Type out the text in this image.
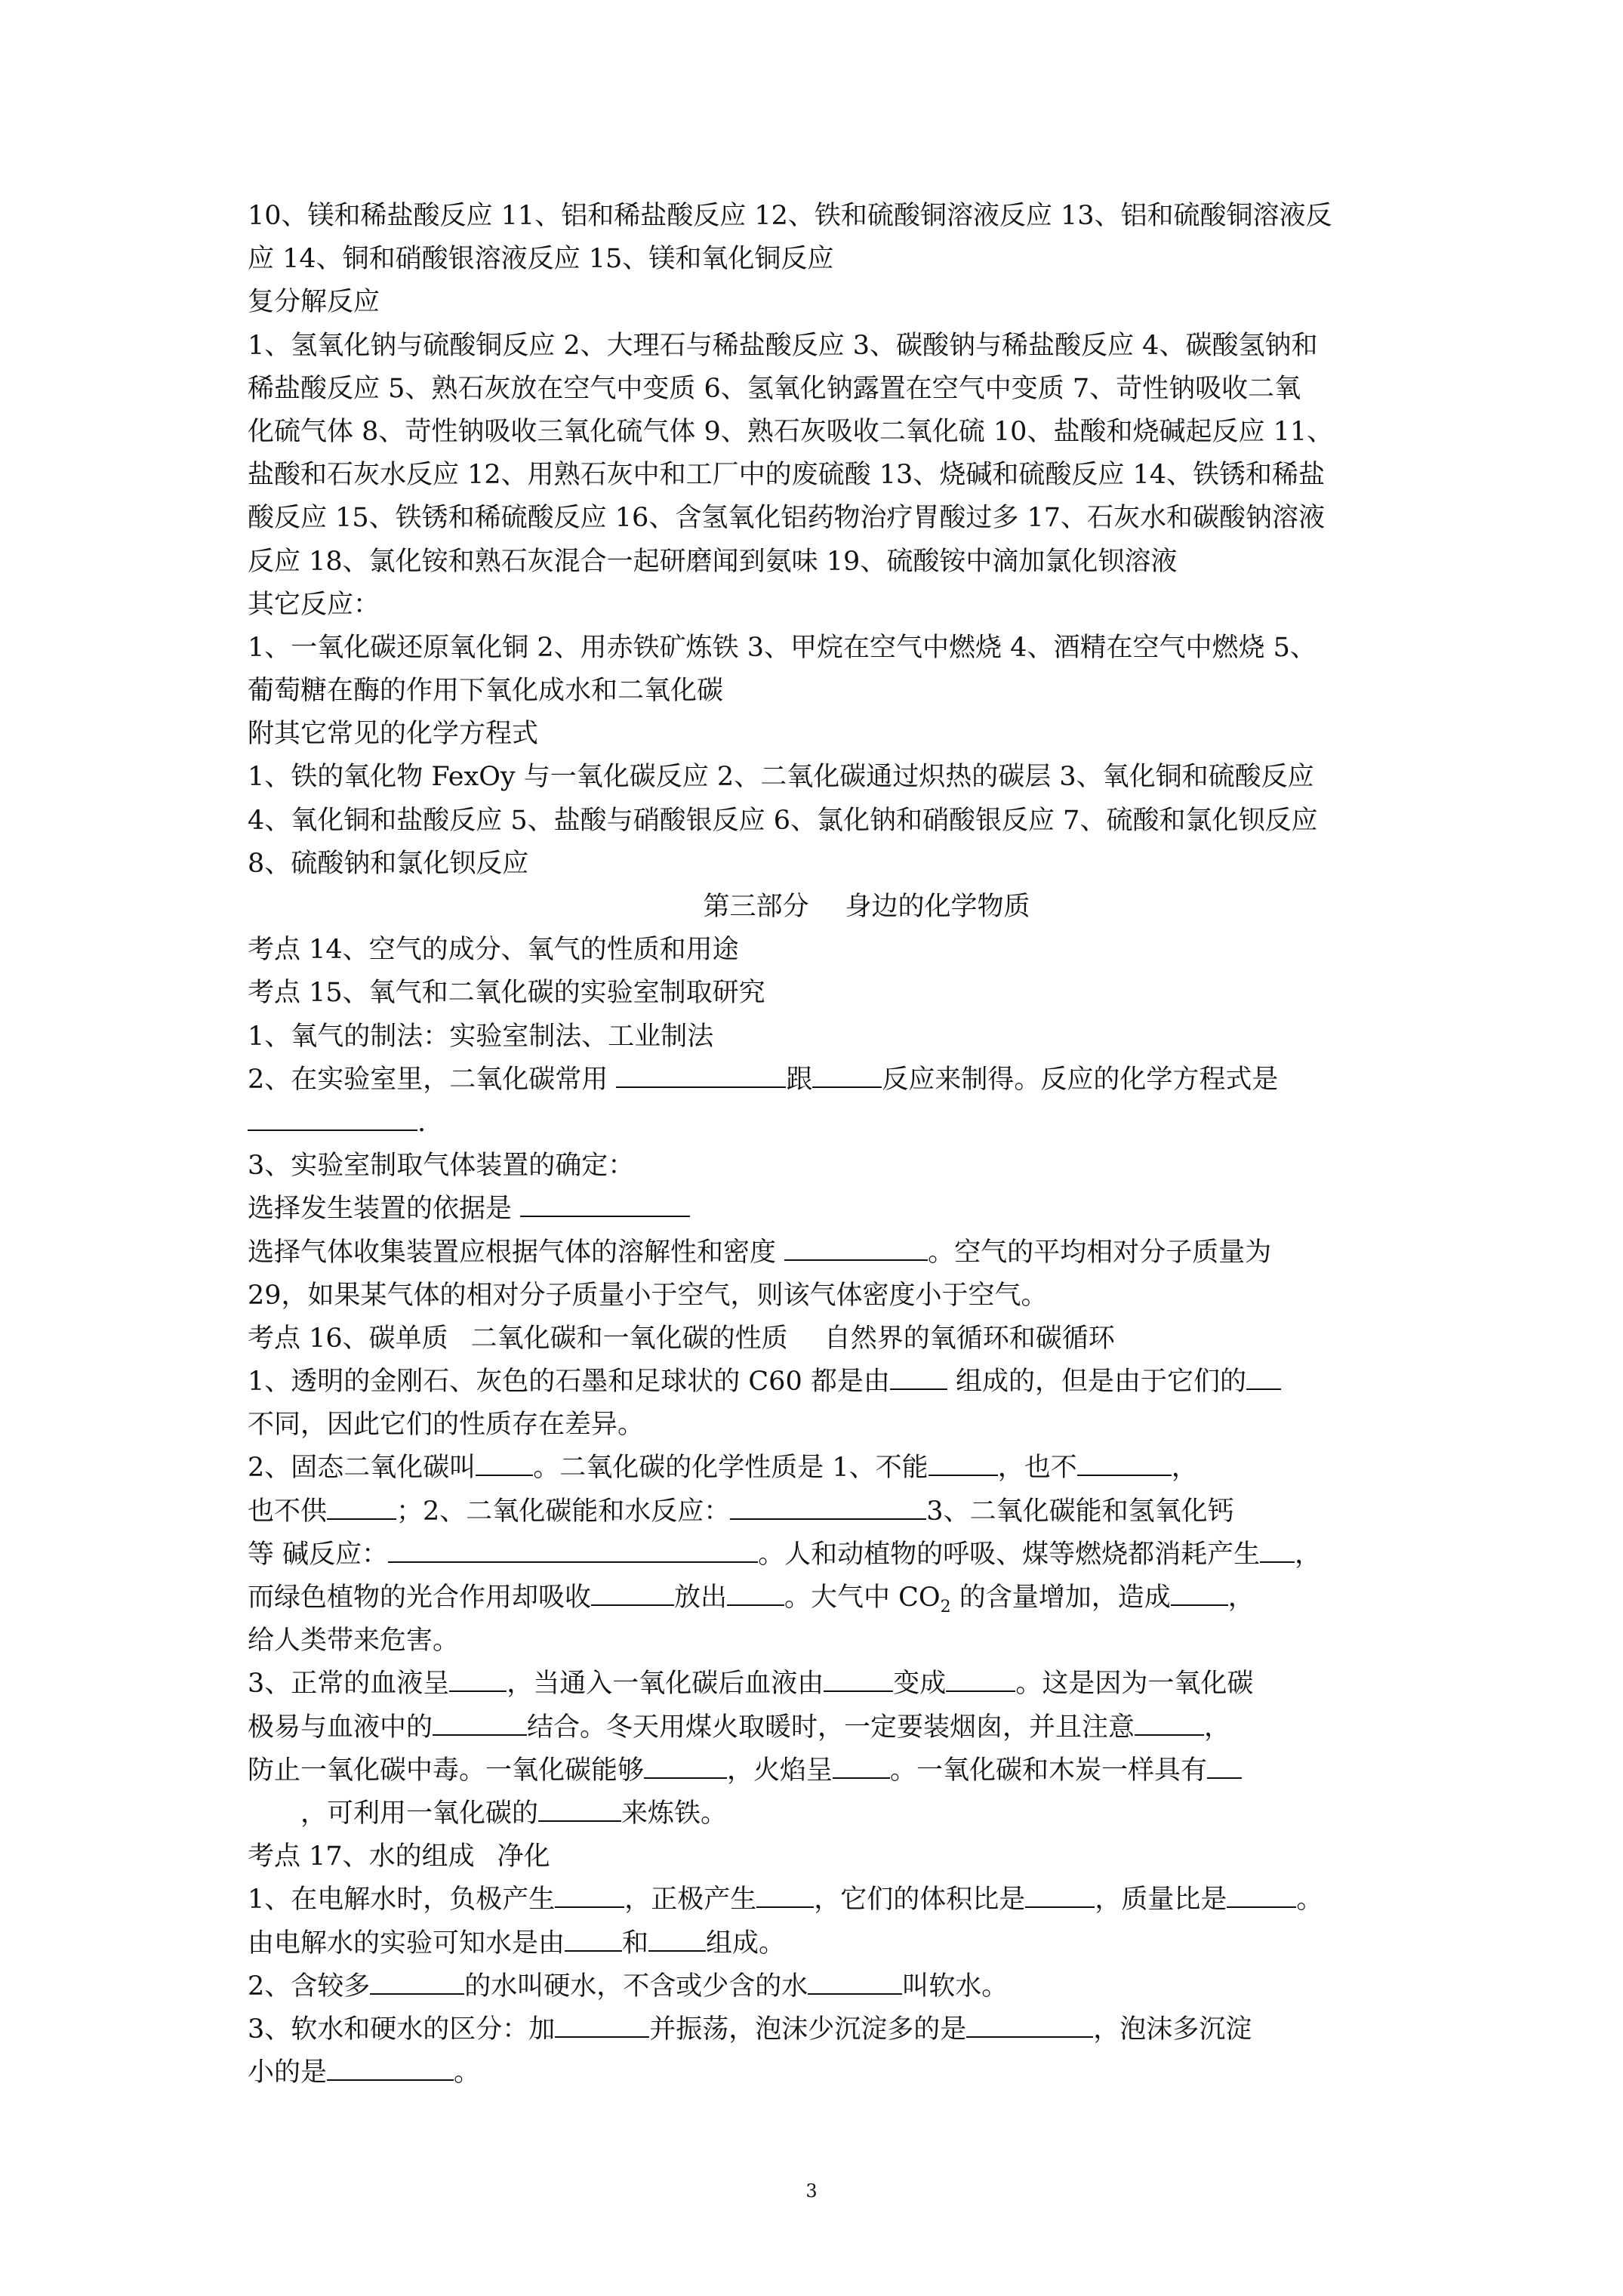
10、镁和稀盐酸反应 11、铝和稀盐酸反应 12、铁和硫酸铜溶液反应 13、铝和硫酸铜溶液反
应 14、铜和硝酸银溶液反应 15、镁和氧化铜反应
复分解反应
1、氢氧化钠与硫酸铜反应 2、大理石与稀盐酸反应 3、碳酸钠与稀盐酸反应 4、碳酸氢钠和
稀盐酸反应 5、熟石灰放在空气中变质 6、氢氧化钠露置在空气中变质 7、苛性钠吸收二氧
化硫气体 8、苛性钠吸收三氧化硫气体 9、熟石灰吸收二氧化硫 10、盐酸和烧碱起反应 11、
盐酸和石灰水反应 12、用熟石灰中和工厂中的废硫酸 13、烧碱和硫酸反应 14、铁锈和稀盐
酸反应 15、铁锈和稀硫酸反应 16、含氢氧化铝药物治疗胃酸过多 17、石灰水和碳酸钠溶液
反应 18、氯化铵和熟石灰混合一起研磨闻到氨味 19、硫酸铵中滴加氯化钡溶液
其它反应：
1、一氧化碳还原氧化铜 2、用赤铁矿炼铁 3、甲烷在空气中燃烧 4、酒精在空气中燃烧 5、
葡萄糖在酶的作用下氧化成水和二氧化碳
附其它常见的化学方程式
1、铁的氧化物 FexOy 与一氧化碳反应 2、二氧化碳通过炽热的碳层 3、氧化铜和硫酸反应
4、氧化铜和盐酸反应 5、盐酸与硝酸银反应 6、氯化钠和硝酸银反应 7、硫酸和氯化钡反应
8、硫酸钠和氯化钡反应
第三部分 身边的化学物质
考点 14、空气的成分、氧气的性质和用途
考点 15、氧气和二氧化碳的实验室制取研究
1、氧气的制法：实验室制法、工业制法
2、在实验室里，二氧化碳常用	跟	反应来制得。反应的化学方程式是
.
3、实验室制取气体装置的确定：
选择发生装置的依据是
选择气体收集装置应根据气体的溶解性和密度	。空气的平均相对分子质量为
29，如果某气体的相对分子质量小于空气，则该气体密度小于空气。
考点 16、碳单质 二氧化碳和一氧化碳的性质 自然界的氧循环和碳循环
1、透明的金刚石、灰色的石墨和足球状的 C60 都是由 组成的，但是由于它们的
不同，因此它们的性质存在差异。
2、固态二氧化碳叫 。二氧化碳的化学性质是 1、不能	，也不	，
也不供	；2、二氧化碳能和水反应：	3、二氧化碳能和氢氧化钙
等 碱反应：	。人和动植物的呼吸、煤等燃烧都消耗产生 ，
而绿色植物的光合作用却吸收	放出 。大气中 $CO_2$ 的含量增加，造成 ，
给人类带来危害。
3、正常的血液呈 ，当通入一氧化碳后血液由	变成	。这是因为一氧化碳
极易与血液中的	结合。冬天用煤火取暖时，一定要装烟囱，并且注意	，
防止一氧化碳中毒。一氧化碳能够	，火焰呈 。一氧化碳和木炭一样具有
，可利用一氧化碳的	来炼铁。
考点 17、水的组成 净化
1、在电解水时，负极产生	，正极产生 ，它们的体积比是	，质量比是	。
由电解水的实验可知水是由 和 组成。
2、含较多	的水叫硬水，不含或少含的水	叫软水。
3、软水和硬水的区分：加	并振荡，泡沫少沉淀多的是	，泡沫多沉淀
小的是	。
3
